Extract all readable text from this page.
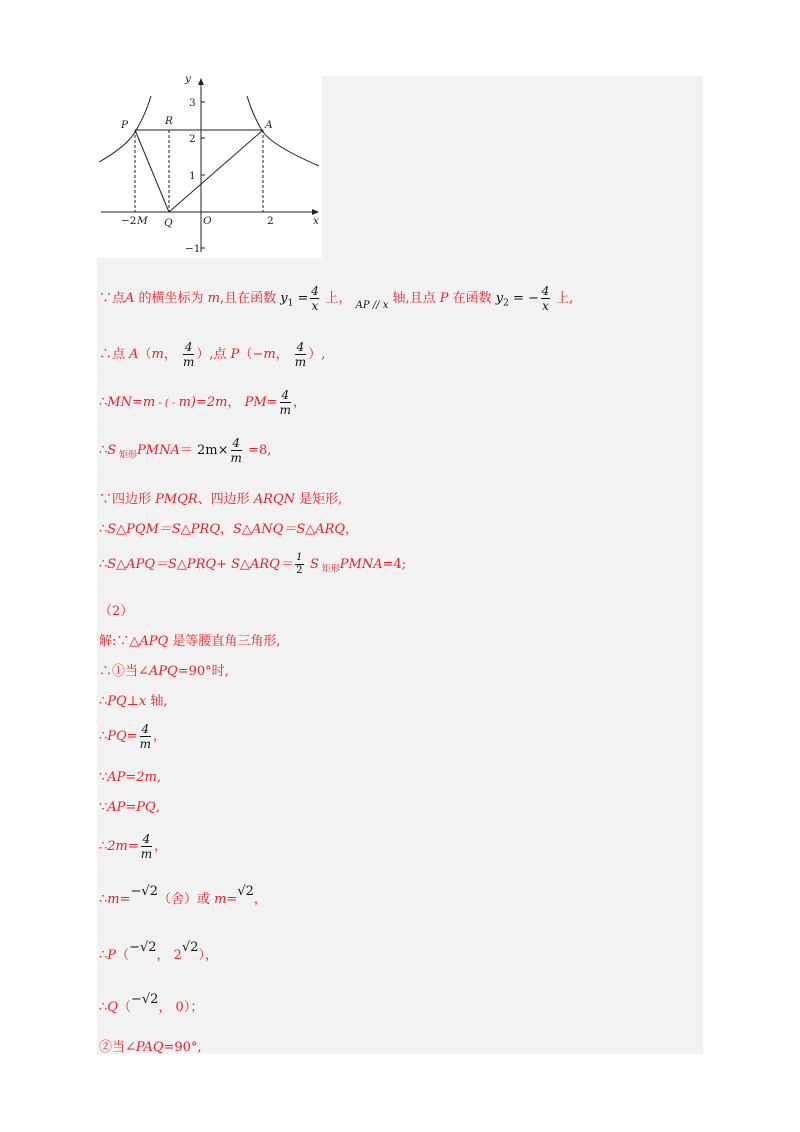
y
x
3
2
1
−1
O
P	R	A
−2 M Q	2
∵点A 的横坐标为 m,且在函数 $y_1 = \frac{4}{x}$ 上， $_{AP // x}$ 轴,且点 P 在函数 $y_2$ = − $\frac{4}{x}$ 上,
∴点 A（m， $\frac{4}{m}$ ）,点 P（−m， $\frac{4}{m}$ ）,
∴MN=m - ( - m)=2m， $PM= \frac{4}{m}$ ，
∴S $_{矩形}$PMNA＝ $2m\times \frac{4}{m} =8$,
∵四边形 PMQR、四边形 ARQN 是矩形,
∴S△PQM＝S△PRQ，S△ANQ＝S△ARQ，
∴S△APQ＝S△PRQ+ S△ARQ＝ $\frac{1}{2}$ S $_{矩形}$PMNA=4;
（2）
解:∵△APQ 是等腰直角三角形,
∴①当∠APQ=90°时,
∴PQ⊥x 轴,
∴PQ= $\frac{4}{m}$ ，
∵AP=2m,
∵AP=PQ,
∴2m= $\frac{4}{m}$ ，
∴m=−√2（舍）或 m=√2，
∴P（−√2， 2√2），
∴Q（−√2， 0）；
②当∠PAQ=90°,
